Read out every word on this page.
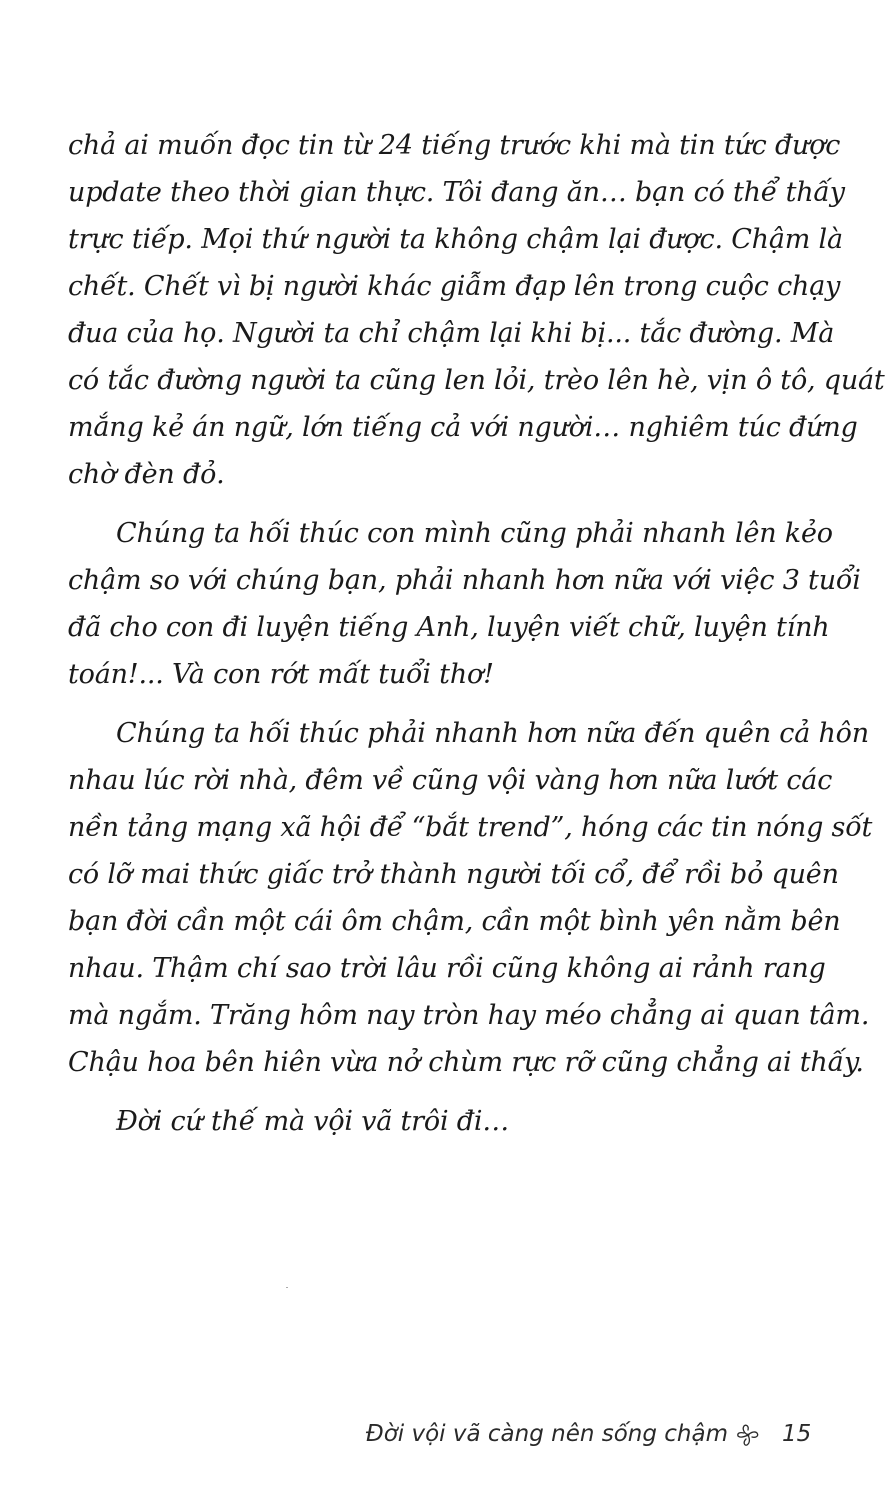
chả ai muốn đọc tin từ 24 tiếng trước khi mà tin tức được
update theo thời gian thực. Tôi đang ăn… bạn có thể thấy
trực tiếp. Mọi thứ người ta không chậm lại được. Chậm là
chết. Chết vì bị người khác giẫm đạp lên trong cuộc chạy
đua của họ. Người ta chỉ chậm lại khi bị... tắc đường. Mà
có tắc đường người ta cũng len lỏi, trèo lên hè, vịn ô tô, quát
mắng kẻ án ngữ, lớn tiếng cả với người… nghiêm túc đứng
chờ đèn đỏ.
Chúng ta hối thúc con mình cũng phải nhanh lên kẻo
chậm so với chúng bạn, phải nhanh hơn nữa với việc 3 tuổi
đã cho con đi luyện tiếng Anh, luyện viết chữ, luyện tính
toán!... Và con rớt mất tuổi thơ!
Chúng ta hối thúc phải nhanh hơn nữa đến quên cả hôn
nhau lúc rời nhà, đêm về cũng vội vàng hơn nữa lướt các
nền tảng mạng xã hội để “bắt trend”, hóng các tin nóng sốt
có lỡ mai thức giấc trở thành người tối cổ, để rồi bỏ quên
bạn đời cần một cái ôm chậm, cần một bình yên nằm bên
nhau. Thậm chí sao trời lâu rồi cũng không ai rảnh rang
mà ngắm. Trăng hôm nay tròn hay méo chẳng ai quan tâm.
Chậu hoa bên hiên vừa nở chùm rực rỡ cũng chẳng ai thấy.
Đời cứ thế mà vội vã trôi đi…
Đời vội vã càng nên sống chậm 15
